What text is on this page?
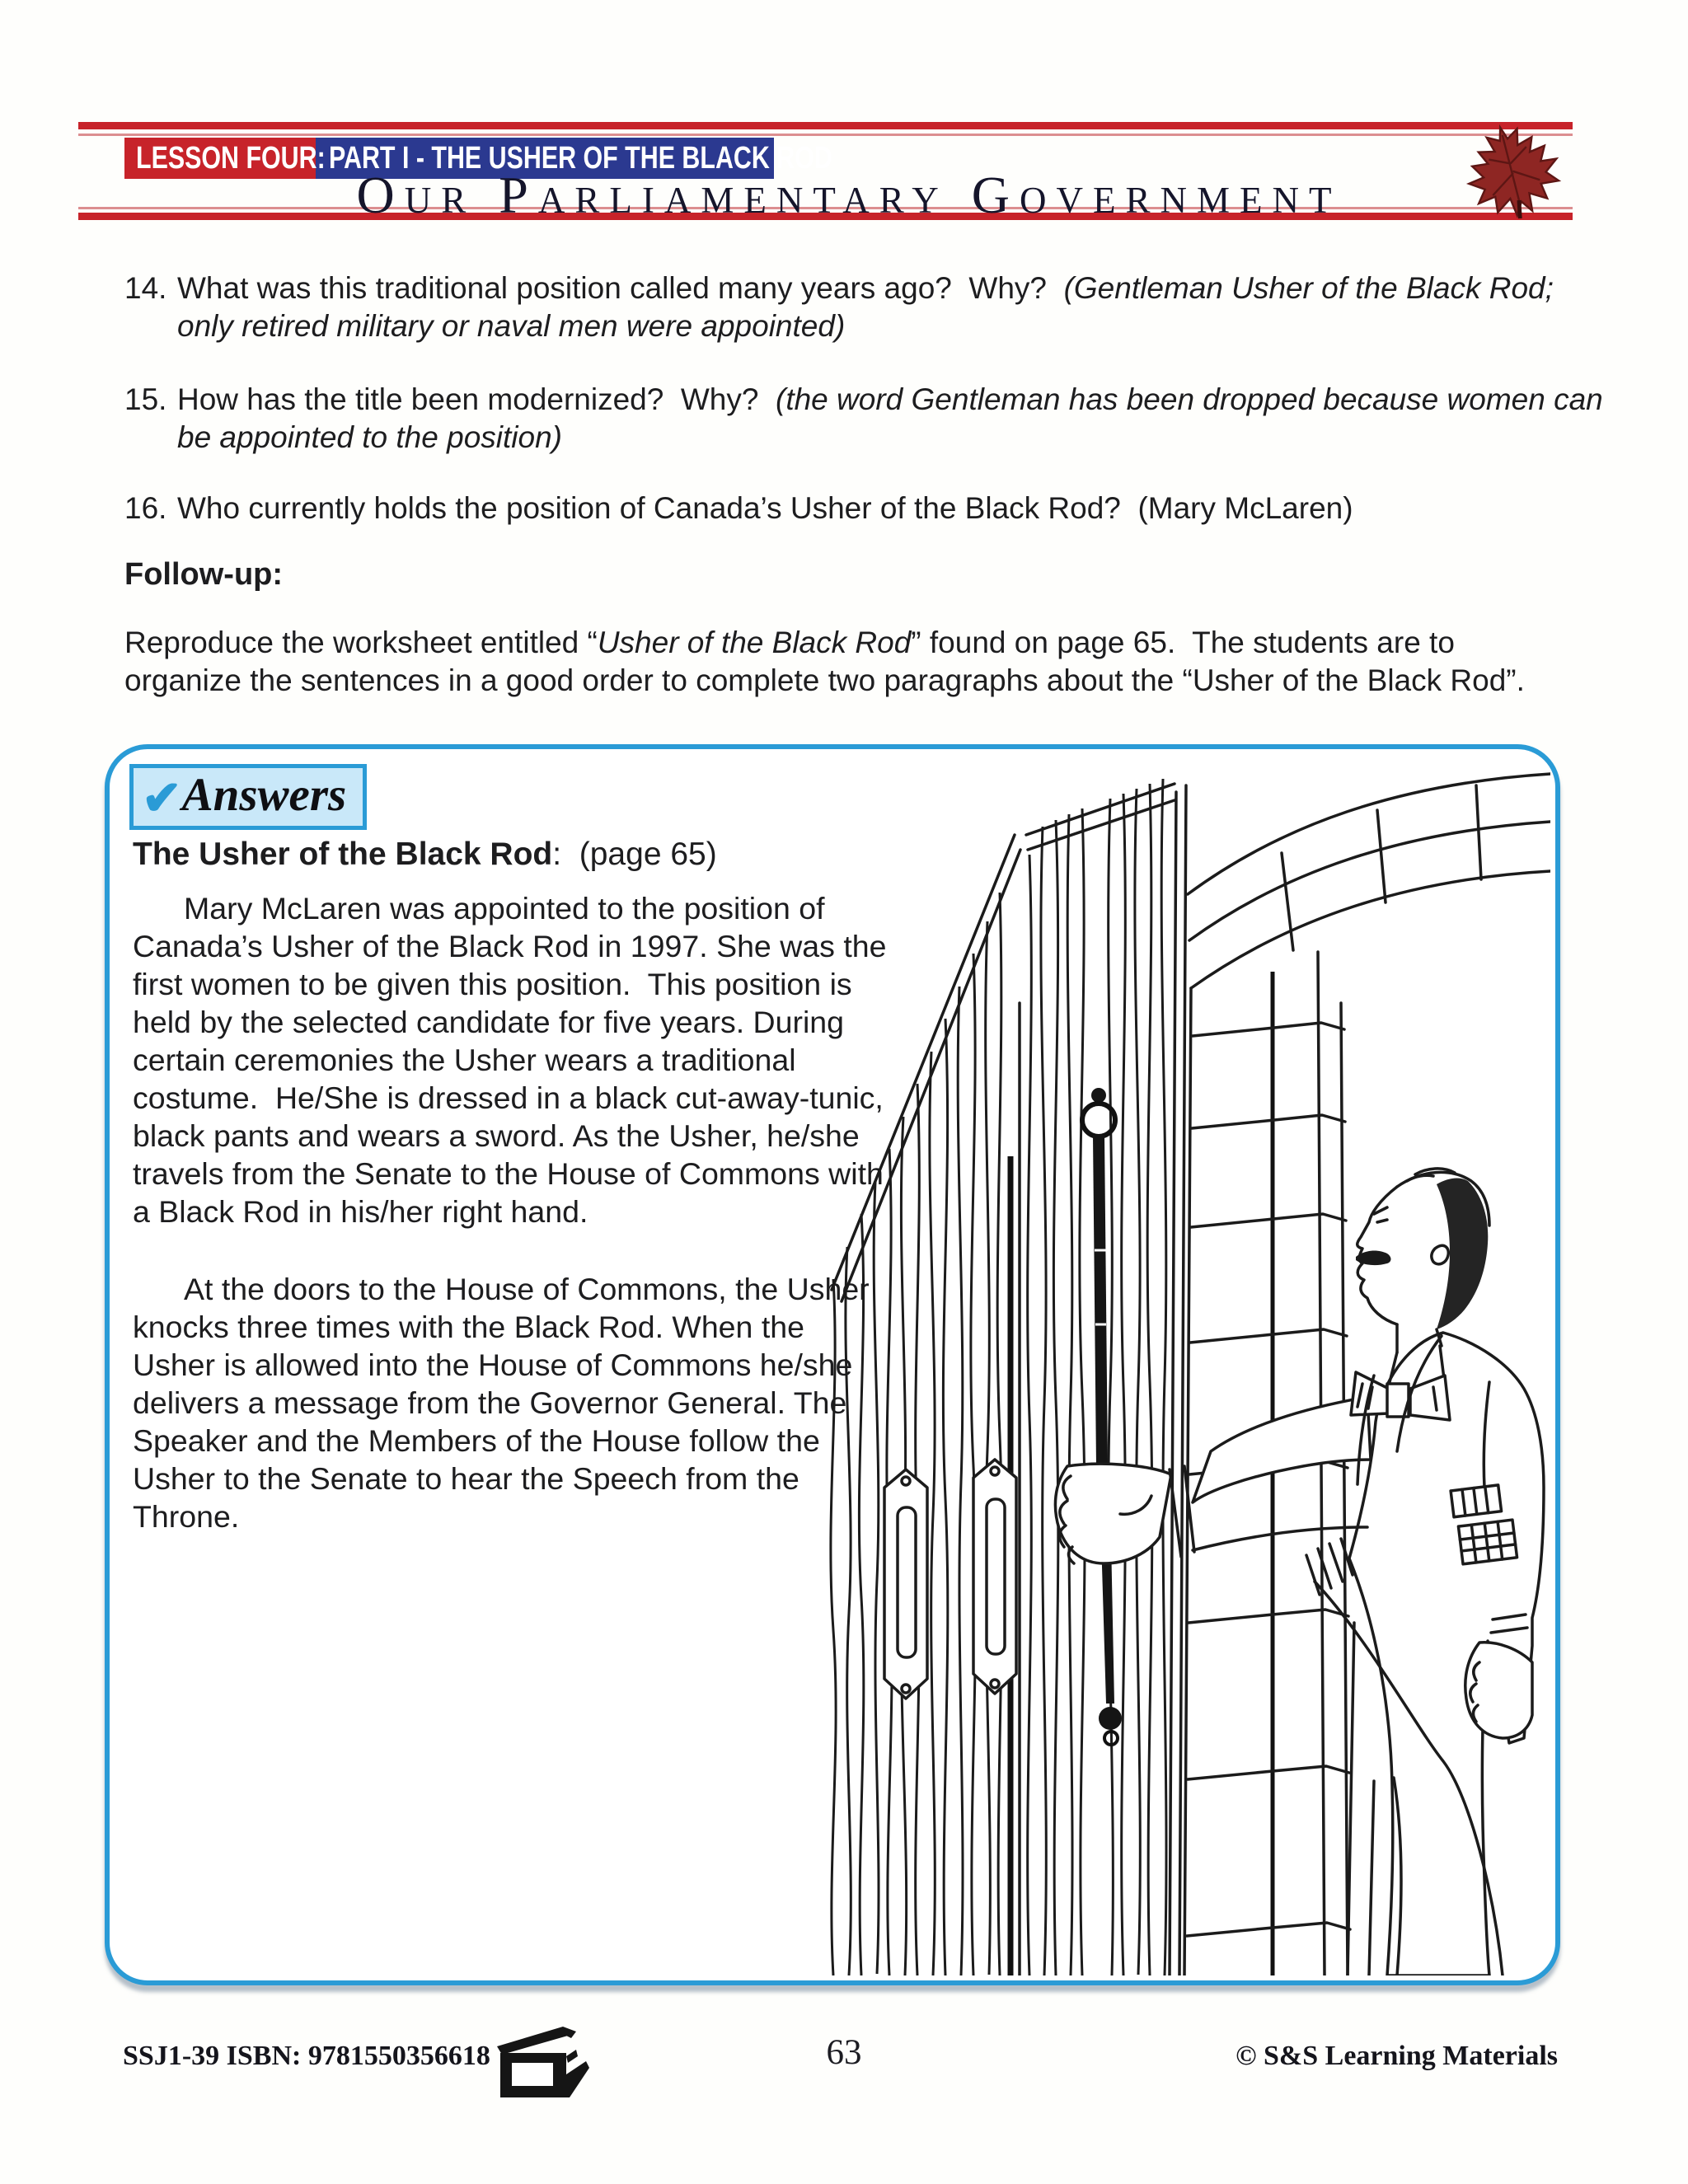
LESSON FOUR: PART I - THE USHER OF THE BLACK ROD
Our Parliamentary Government
14. What was this traditional position called many years ago?  Why?  (Gentleman Usher of the Black Rod; only retired military or naval men were appointed)
15. How has the title been modernized?  Why?  (the word Gentleman has been dropped because women can be appointed to the position)
16. Who currently holds the position of Canada’s Usher of the Black Rod?  (Mary McLaren)
Follow-up:
Reproduce the worksheet entitled “Usher of the Black Rod” found on page 65.  The students are to organize the sentences in a good order to complete two paragraphs about the “Usher of the Black Rod”.
✔ Answers
The Usher of the Black Rod:  (page 65)

Mary McLaren was appointed to the position of Canada’s Usher of the Black Rod in 1997. She was the first women to be given this position.  This position is held by the selected candidate for five years. During certain ceremonies the Usher wears a traditional costume.  He/She is dressed in a black cut-away-tunic, black pants and wears a sword. As the Usher, he/she travels from the Senate to the House of Commons with a Black Rod in his/her right hand.

At the doors to the House of Commons, the Usher knocks three times with the Black Rod. When the Usher is allowed into the House of Commons he/she delivers a message from the Governor General. The Speaker and the Members of the House follow the Usher to the Senate to hear the Speech from the Throne.

SSJ1-39 ISBN: 9781550356618	63	© S&S Learning Materials
